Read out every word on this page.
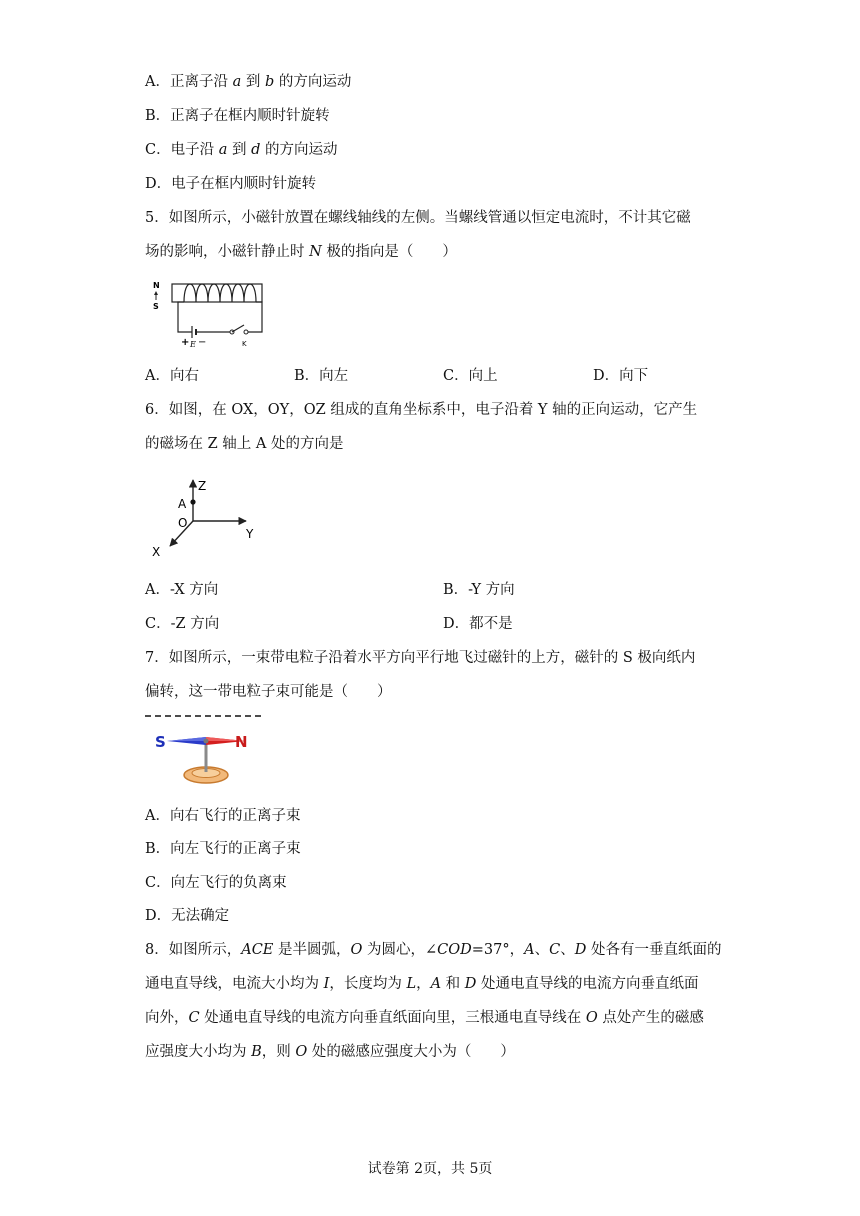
A．正离子沿 a 到 b 的方向运动
B．正离子在框内顺时针旋转
C．电子沿 a 到 d 的方向运动
D．电子在框内顺时针旋转
5．如图所示，小磁针放置在螺线轴线的左侧。当螺线管通以恒定电流时，不计其它磁
场的影响，小磁针静止时 N 极的指向是（　　）
N
S
+ E −	K
A．向右	B．向左	C．向上	D．向下
6．如图，在 OX，OY，OZ 组成的直角坐标系中，电子沿着 Y 轴的正向运动，它产生
的磁场在 Z 轴上 A 处的方向是
Z
A
O
Y
X
A．-X 方向	B．-Y 方向
C．-Z 方向	D．都不是
7．如图所示，一束带电粒子沿着水平方向平行地飞过磁针的上方，磁针的 S 极向纸内
偏转，这一带电粒子束可能是（　　）
S	N
A．向右飞行的正离子束
B．向左飞行的正离子束
C．向左飞行的负离束
D．无法确定
8．如图所示，ACE 是半圆弧，O 为圆心，∠COD=37°，A、C、D 处各有一垂直纸面的
通电直导线，电流大小均为 I，长度均为 L，A 和 D 处通电直导线的电流方向垂直纸面
向外，C 处通电直导线的电流方向垂直纸面向里，三根通电直导线在 O 点处产生的磁感
应强度大小均为 B，则 O 处的磁感应强度大小为（　　）
试卷第 2页，共 5页
